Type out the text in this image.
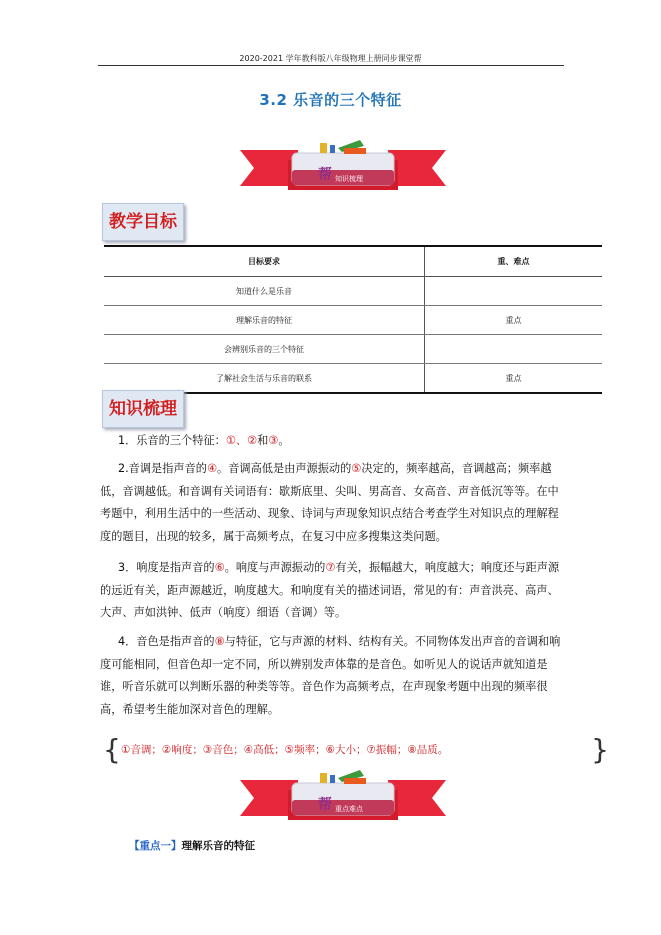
2020-2021 学年教科版八年级物理上册同步课堂帮
3.2 乐音的三个特征
帮 知识梳理
教学目标
目标要求	重、难点
知道什么是乐音	
理解乐音的特征	重点
会辨别乐音的三个特征	
了解社会生活与乐音的联系	重点
知识梳理
1．乐音的三个特征：①、②和③。
2.音调是指声音的④。音调高低是由声源振动的⑤决定的，频率越高，音调越高；频率越低，音调越低。和音调有关词语有：歇斯底里、尖叫、男高音、女高音、声音低沉等等。在中考题中，利用生活中的一些活动、现象、诗词与声现象知识点结合考查学生对知识点的理解程度的题目，出现的较多，属于高频考点，在复习中应多搜集这类问题。
3．响度是指声音的⑥。响度与声源振动的⑦有关，振幅越大，响度越大；响度还与距声源的远近有关，距声源越近，响度越大。和响度有关的描述词语，常见的有：声音洪亮、高声、大声、声如洪钟、低声（响度）细语（音调）等。
4．音色是指声音的⑧与特征，它与声源的材料、结构有关。不同物体发出声音的音调和响度可能相同，但音色却一定不同，所以辨别发声体靠的是音色。如听见人的说话声就知道是谁，听音乐就可以判断乐器的种类等等。音色作为高频考点，在声现象考题中出现的频率很高，希望考生能加深对音色的理解。
{ ①音调；②响度；③音色；④高低；⑤频率；⑥大小；⑦振幅；⑧品质。	}
帮 重点难点
【重点一】理解乐音的特征
